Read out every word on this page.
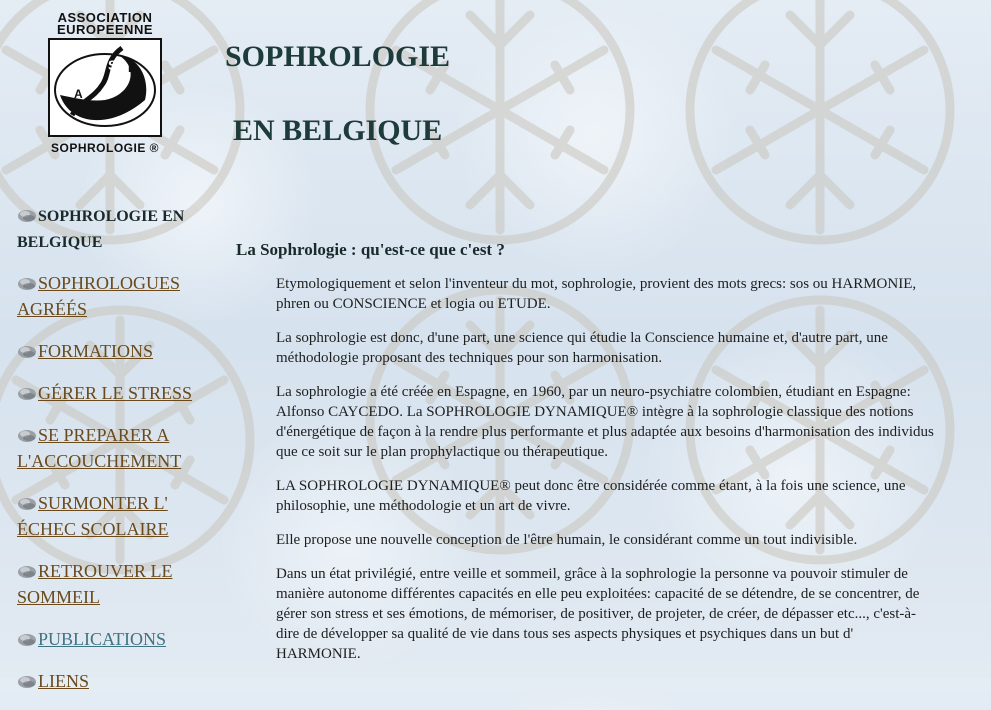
ASSOCIATION
EUROPEENNE
E
A
S
SOPHROLOGIE ®
SOPHROLOGIE
EN BELGIQUE
SOPHROLOGIE EN BELGIQUE
SOPHROLOGUES AGRÉÉS
FORMATIONS
GÉRER LE STRESS
SE PREPARER A L'ACCOUCHEMENT
SURMONTER L' ÉCHEC SCOLAIRE
RETROUVER LE SOMMEIL
PUBLICATIONS
LIENS
La Sophrologie : qu'est-ce que c'est ?

Etymologiquement et selon l'inventeur du mot, sophrologie, provient des mots grecs: sos ou HARMONIE, phren ou CONSCIENCE et logia ou ETUDE.

La sophrologie est donc, d'une part, une science qui étudie la Conscience humaine et, d'autre part, une méthodologie proposant des techniques pour son harmonisation.

La sophrologie a été créée en Espagne, en 1960, par un neuro-psychiatre colombien, étudiant en Espagne: Alfonso CAYCEDO. La SOPHROLOGIE DYNAMIQUE® intègre à la sophrologie classique des notions d'énergétique de façon à la rendre plus performante et plus adaptée aux besoins d'harmonisation des individus que ce soit sur le plan prophylactique ou thérapeutique.

LA SOPHROLOGIE DYNAMIQUE® peut donc être considérée comme étant, à la fois une science, une philosophie, une méthodologie et un art de vivre.

Elle propose une nouvelle conception de l'être humain, le considérant comme un tout indivisible.

Dans un état privilégié, entre veille et sommeil, grâce à la sophrologie la personne va pouvoir stimuler de manière autonome différentes capacités en elle peu exploitées: capacité de se détendre, de se concentrer, de gérer son stress et ses émotions, de mémoriser, de positiver, de projeter, de créer, de dépasser etc..., c'est-à-dire de développer sa qualité de vie dans tous ses aspects physiques et psychiques dans un but d' HARMONIE.
